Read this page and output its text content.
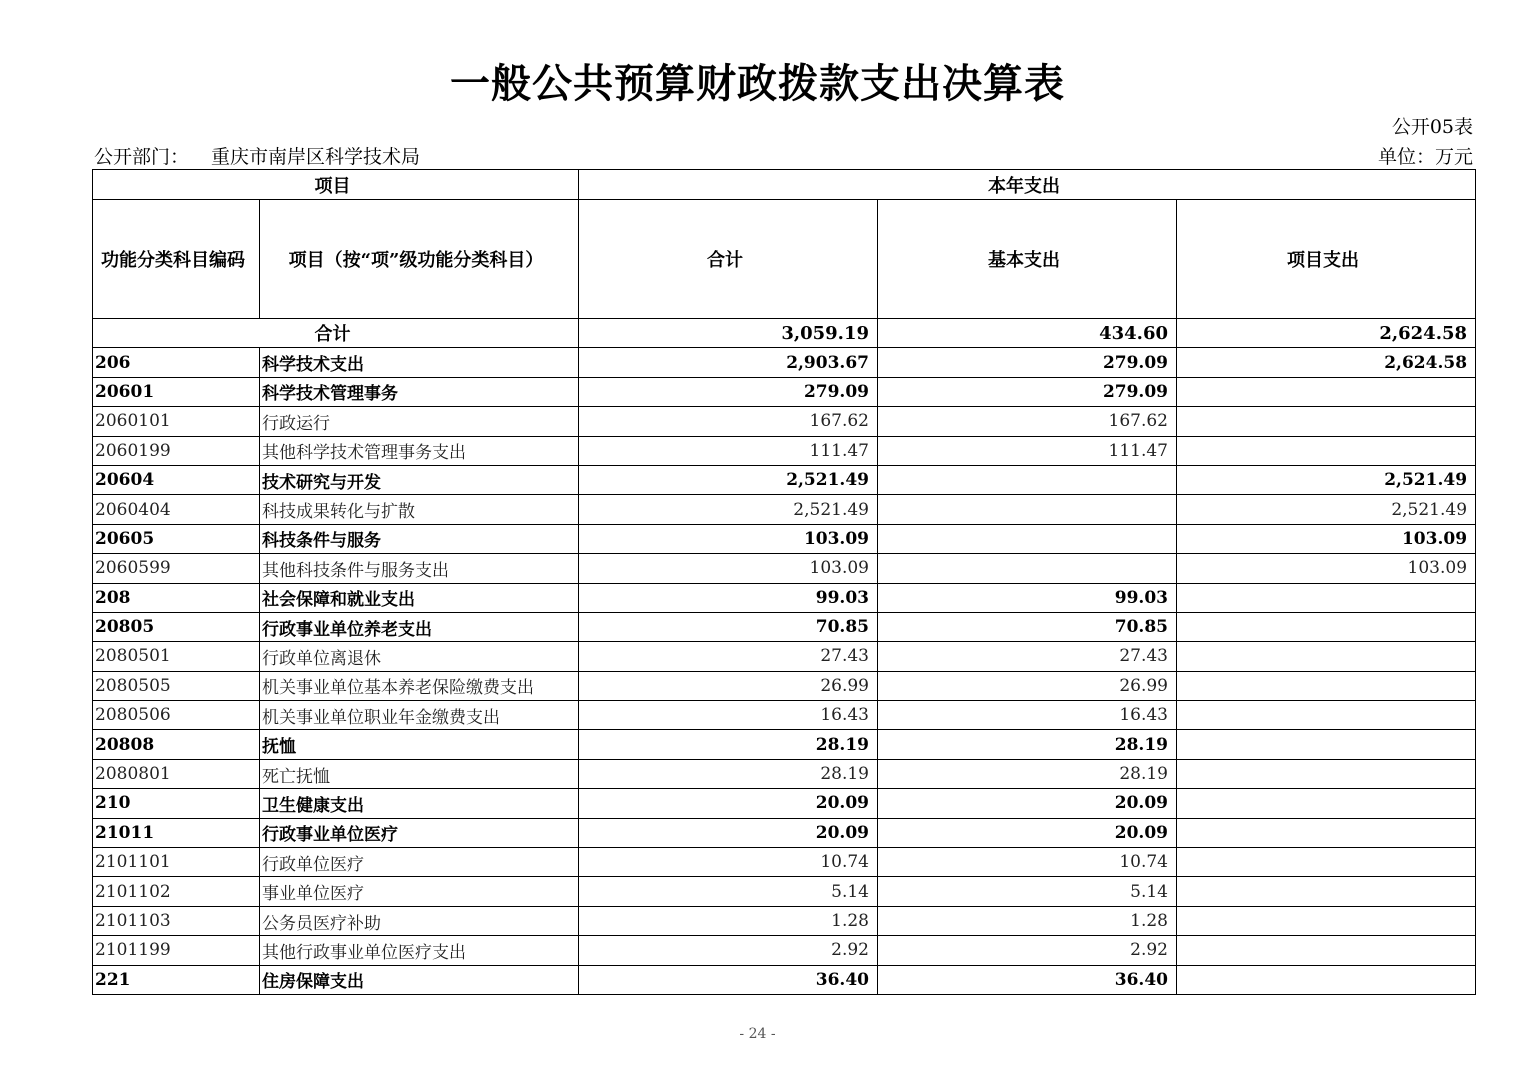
一般公共预算财政拨款支出决算表
公开05表
公开部门： 重庆市南岸区科学技术局	单位：万元
项目		本年支出		
功能分类科目编码	项目（按“项”级功能分类科目）	合计	基本支出	项目支出
合计		3,059.19	434.60	2,624.58
206	科学技术支出	2,903.67	279.09	2,624.58
20601	科学技术管理事务	279.09	279.09	
2060101	行政运行	167.62	167.62	
2060199	其他科学技术管理事务支出	111.47	111.47	
20604	技术研究与开发	2,521.49		2,521.49
2060404	科技成果转化与扩散	2,521.49		2,521.49
20605	科技条件与服务	103.09		103.09
2060599	其他科技条件与服务支出	103.09		103.09
208	社会保障和就业支出	99.03	99.03	
20805	行政事业单位养老支出	70.85	70.85	
2080501	行政单位离退休	27.43	27.43	
2080505	机关事业单位基本养老保险缴费支出	26.99	26.99	
2080506	机关事业单位职业年金缴费支出	16.43	16.43	
20808	抚恤	28.19	28.19	
2080801	死亡抚恤	28.19	28.19	
210	卫生健康支出	20.09	20.09	
21011	行政事业单位医疗	20.09	20.09	
2101101	行政单位医疗	10.74	10.74	
2101102	事业单位医疗	5.14	5.14	
2101103	公务员医疗补助	1.28	1.28	
2101199	其他行政事业单位医疗支出	2.92	2.92	
221	住房保障支出	36.40	36.40	
- 24 -
